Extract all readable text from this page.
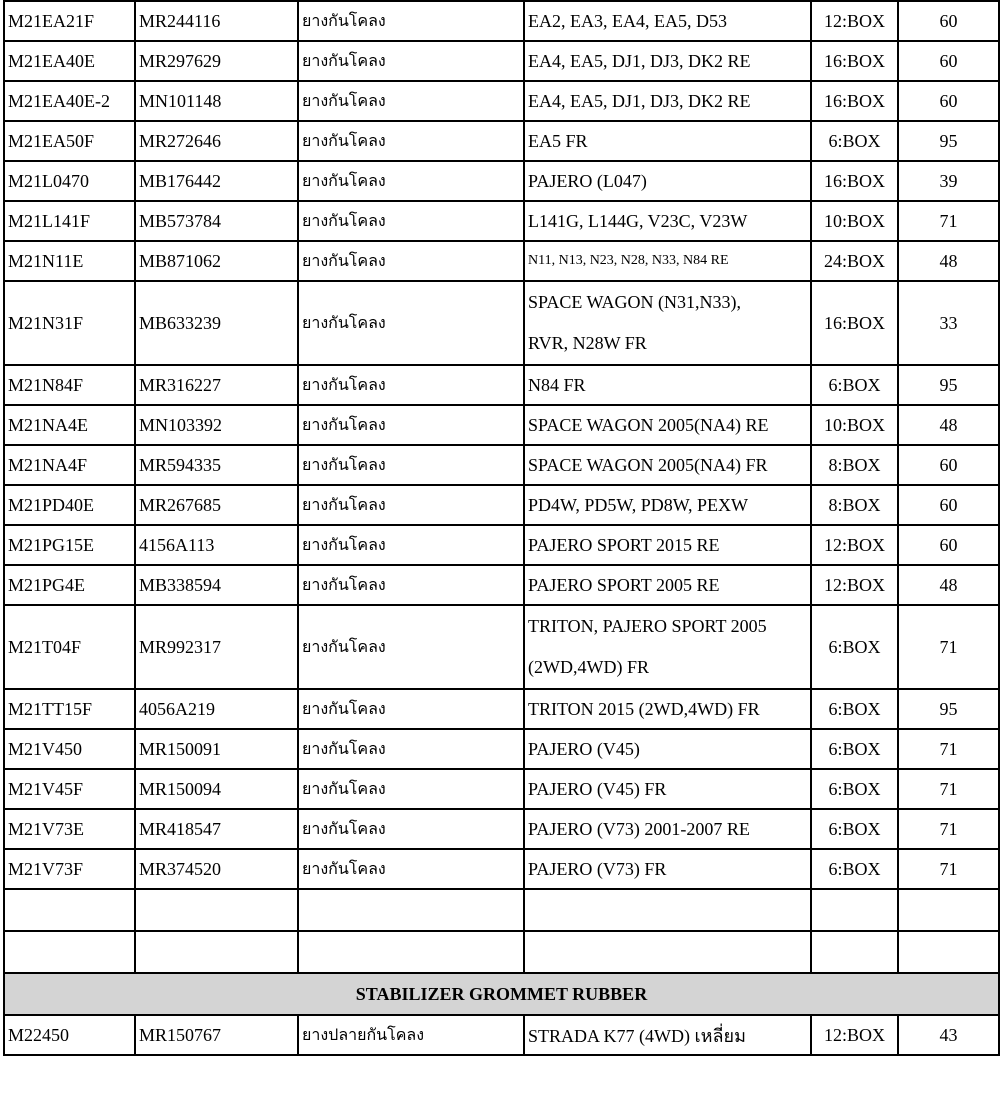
M21EA21F	MR244116	ยางกันโคลง	EA2, EA3, EA4, EA5, D53	12:BOX	60
M21EA40E	MR297629	ยางกันโคลง	EA4, EA5, DJ1, DJ3, DK2 RE	16:BOX	60
M21EA40E-2	MN101148	ยางกันโคลง	EA4, EA5, DJ1, DJ3, DK2 RE	16:BOX	60
M21EA50F	MR272646	ยางกันโคลง	EA5 FR	6:BOX	95
M21L0470	MB176442	ยางกันโคลง	PAJERO (L047)	16:BOX	39
M21L141F	MB573784	ยางกันโคลง	L141G, L144G, V23C, V23W	10:BOX	71
M21N11E	MB871062	ยางกันโคลง	N11, N13, N23, N28, N33, N84 RE	24:BOX	48
M21N31F	MB633239	ยางกันโคลง	SPACE WAGON (N31,N33),
RVR, N28W FR	16:BOX	33
M21N84F	MR316227	ยางกันโคลง	N84 FR	6:BOX	95
M21NA4E	MN103392	ยางกันโคลง	SPACE WAGON 2005(NA4) RE	10:BOX	48
M21NA4F	MR594335	ยางกันโคลง	SPACE WAGON 2005(NA4) FR	8:BOX	60
M21PD40E	MR267685	ยางกันโคลง	PD4W, PD5W, PD8W, PEXW	8:BOX	60
M21PG15E	4156A113	ยางกันโคลง	PAJERO SPORT 2015 RE	12:BOX	60
M21PG4E	MB338594	ยางกันโคลง	PAJERO SPORT 2005 RE	12:BOX	48
M21T04F	MR992317	ยางกันโคลง	TRITON, PAJERO SPORT 2005
(2WD,4WD) FR	6:BOX	71
M21TT15F	4056A219	ยางกันโคลง	TRITON 2015 (2WD,4WD) FR	6:BOX	95
M21V450	MR150091	ยางกันโคลง	PAJERO (V45)	6:BOX	71
M21V45F	MR150094	ยางกันโคลง	PAJERO (V45) FR	6:BOX	71
M21V73E	MR418547	ยางกันโคลง	PAJERO (V73) 2001-2007 RE	6:BOX	71
M21V73F	MR374520	ยางกันโคลง	PAJERO (V73) FR	6:BOX	71

STABILIZER GROMMET RUBBER					
M22450	MR150767	ยางปลายกันโคลง	STRADA K77 (4WD) เหลี่ยม	12:BOX	43
